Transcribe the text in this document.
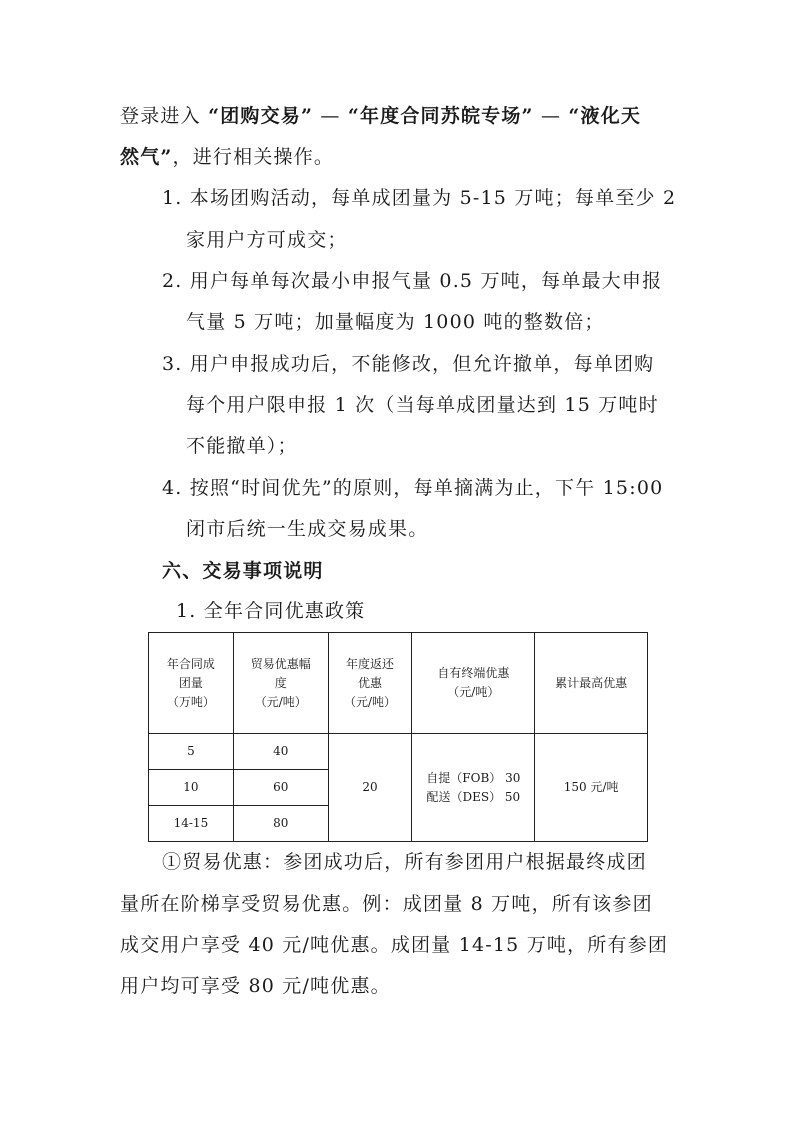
登录进入 “团购交易” — “年度合同苏皖专场” — “液化天
然气”，进行相关操作。
1. 本场团购活动，每单成团量为 5-15 万吨；每单至少 2
家用户方可成交；
2. 用户每单每次最小申报气量 0.5 万吨，每单最大申报
气量 5 万吨；加量幅度为 1000 吨的整数倍；
3. 用户申报成功后，不能修改，但允许撤单，每单团购
每个用户限申报 1 次（当每单成团量达到 15 万吨时
不能撤单）；
4. 按照“时间优先”的原则，每单摘满为止，下午 15:00
闭市后统一生成交易成果。
六、交易事项说明
1. 全年合同优惠政策
年合同成
团量
（万吨）	贸易优惠幅
度
（元/吨）	年度返还
优惠
（元/吨）	自有终端优惠
（元/吨）	累计最高优惠

5	40	20	自提（FOB） 30
配送（DES） 50	150 元/吨
10	60			
14-15	80			
①贸易优惠：参团成功后，所有参团用户根据最终成团
量所在阶梯享受贸易优惠。例：成团量 8 万吨，所有该参团
成交用户享受 40 元/吨优惠。成团量 14-15 万吨，所有参团
用户均可享受 80 元/吨优惠。
